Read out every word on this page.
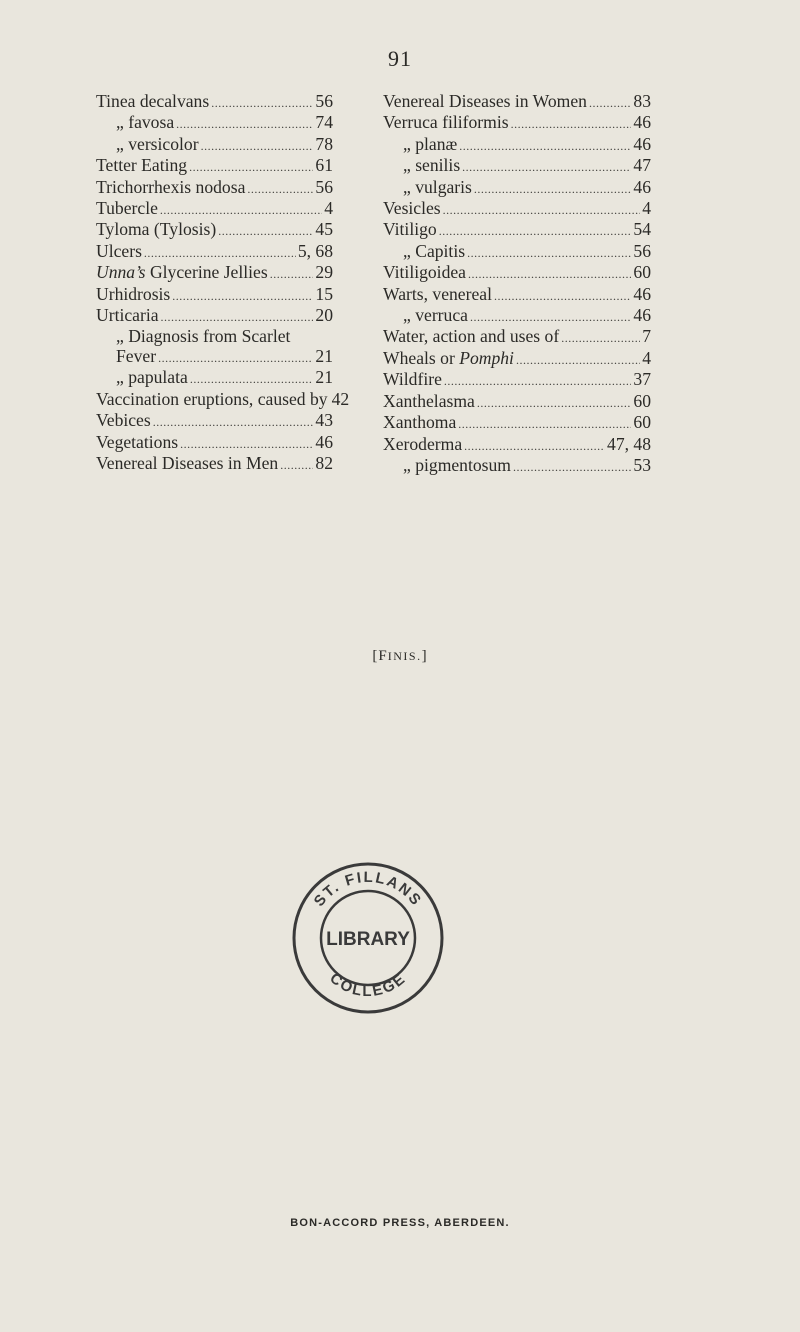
91
Tinea decalvans .....	56
„ favosa .....	74
„ versicolor .....	78
Tetter Eating .....	61
Trichorrhexis nodosa .....	56
Tubercle .....	4
Tyloma (Tylosis) .....	45
Ulcers .....	5, 68
Unna’s Glycerine Jellies .....	29
Urhidrosis .....	15
Urticaria .....	20
„ Diagnosis from Scarlet
Fever .....	21
„ papulata .....	21
Vaccination eruptions, caused by 42
Vebices .....	43
Vegetations .....	46
Venereal Diseases in Men ..... 82
Venereal Diseases in Women .....	83
Verruca filiformis .....	46
„ planæ .....	46
„ senilis .....	47
„ vulgaris .....	46
Vesicles .....	4
Vitiligo .....	54
„ Capitis .....	56
Vitiligoidea .....	60
Warts, venereal .....	46
„ verruca .....	46
Water, action and uses of .....	7
Wheals or Pomphi .....	4
Wildfire .....	37
Xanthelasma .....	60
Xanthoma .....	60
Xeroderma .....	47, 48
„ pigmentosum .....	53
[FINIS.]
ST. FILLANS
COLLEGE
LIBRARY
BON-ACCORD PRESS, ABERDEEN.
